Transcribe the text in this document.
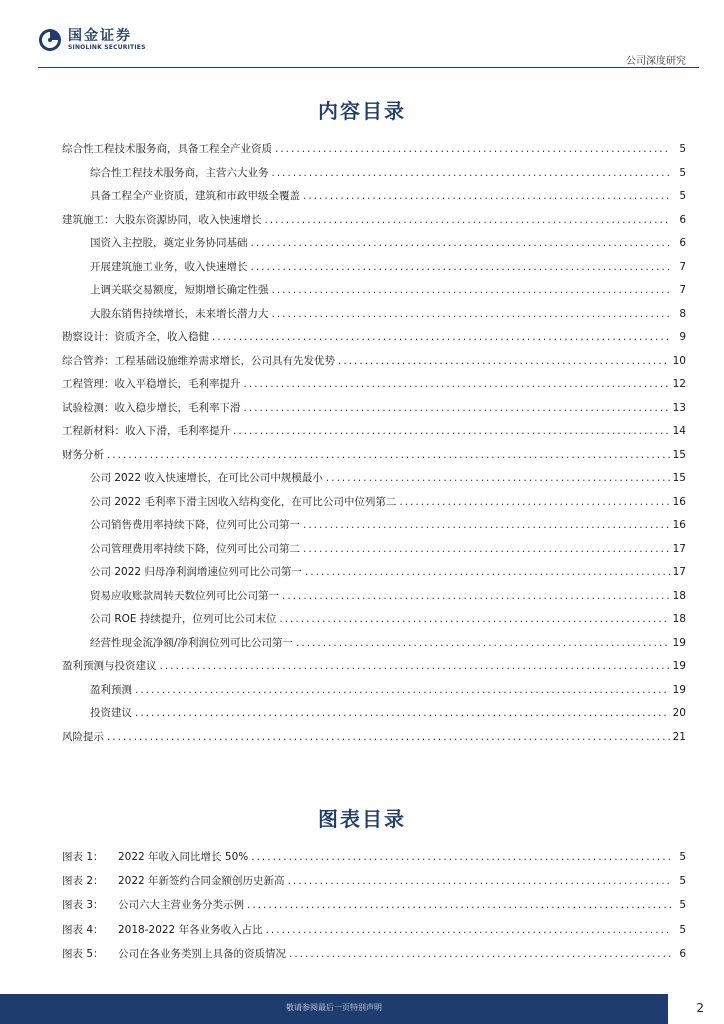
国金证券
SINOLINK SECURITIES
公司深度研究
内容目录
综合性工程技术服务商，具备工程全产业资质 .....	5
综合性工程技术服务商，主营六大业务 .....	5
具备工程全产业资质，建筑和市政甲级全覆盖 .....	5
建筑施工：大股东资源协同，收入快速增长 .....	6
国资入主控股，奠定业务协同基础 .....	6
开展建筑施工业务，收入快速增长 .....	7
上调关联交易额度，短期增长确定性强 .....	7
大股东销售持续增长，未来增长潜力大 .....	8
勘察设计：资质齐全，收入稳健 .....	9
综合管养：工程基础设施维养需求增长，公司具有先发优势 .....	10
工程管理：收入平稳增长，毛利率提升 .....	12
试验检测：收入稳步增长，毛利率下滑 .....	13
工程新材料：收入下滑，毛利率提升 .....	14
财务分析 .....	15
公司 2022 收入快速增长，在可比公司中规模最小 .....	15
公司 2022 毛利率下滑主因收入结构变化，在可比公司中位列第二 .....	16
公司销售费用率持续下降，位列可比公司第一 .....	16
公司管理费用率持续下降，位列可比公司第二 .....	17
公司 2022 归母净利润增速位列可比公司第一 .....	17
贸易应收账款周转天数位列可比公司第一 .....	18
公司 ROE 持续提升，位列可比公司末位 .....	18
经营性现金流净额/净利润位列可比公司第一 .....	19
盈利预测与投资建议 .....	19
盈利预测 .....	19
投资建议 .....	20
风险提示 .....	21
图表目录
图表 1：	2022 年收入同比增长 50% .....	5
图表 2：	2022 年新签约合同金额创历史新高 .....	5
图表 3：	公司六大主营业务分类示例 .....	5
图表 4：	2018-2022 年各业务收入占比 .....	5
图表 5：	公司在各业务类别上具备的资质情况 .....	6
敬请参阅最后一页特别声明	2
